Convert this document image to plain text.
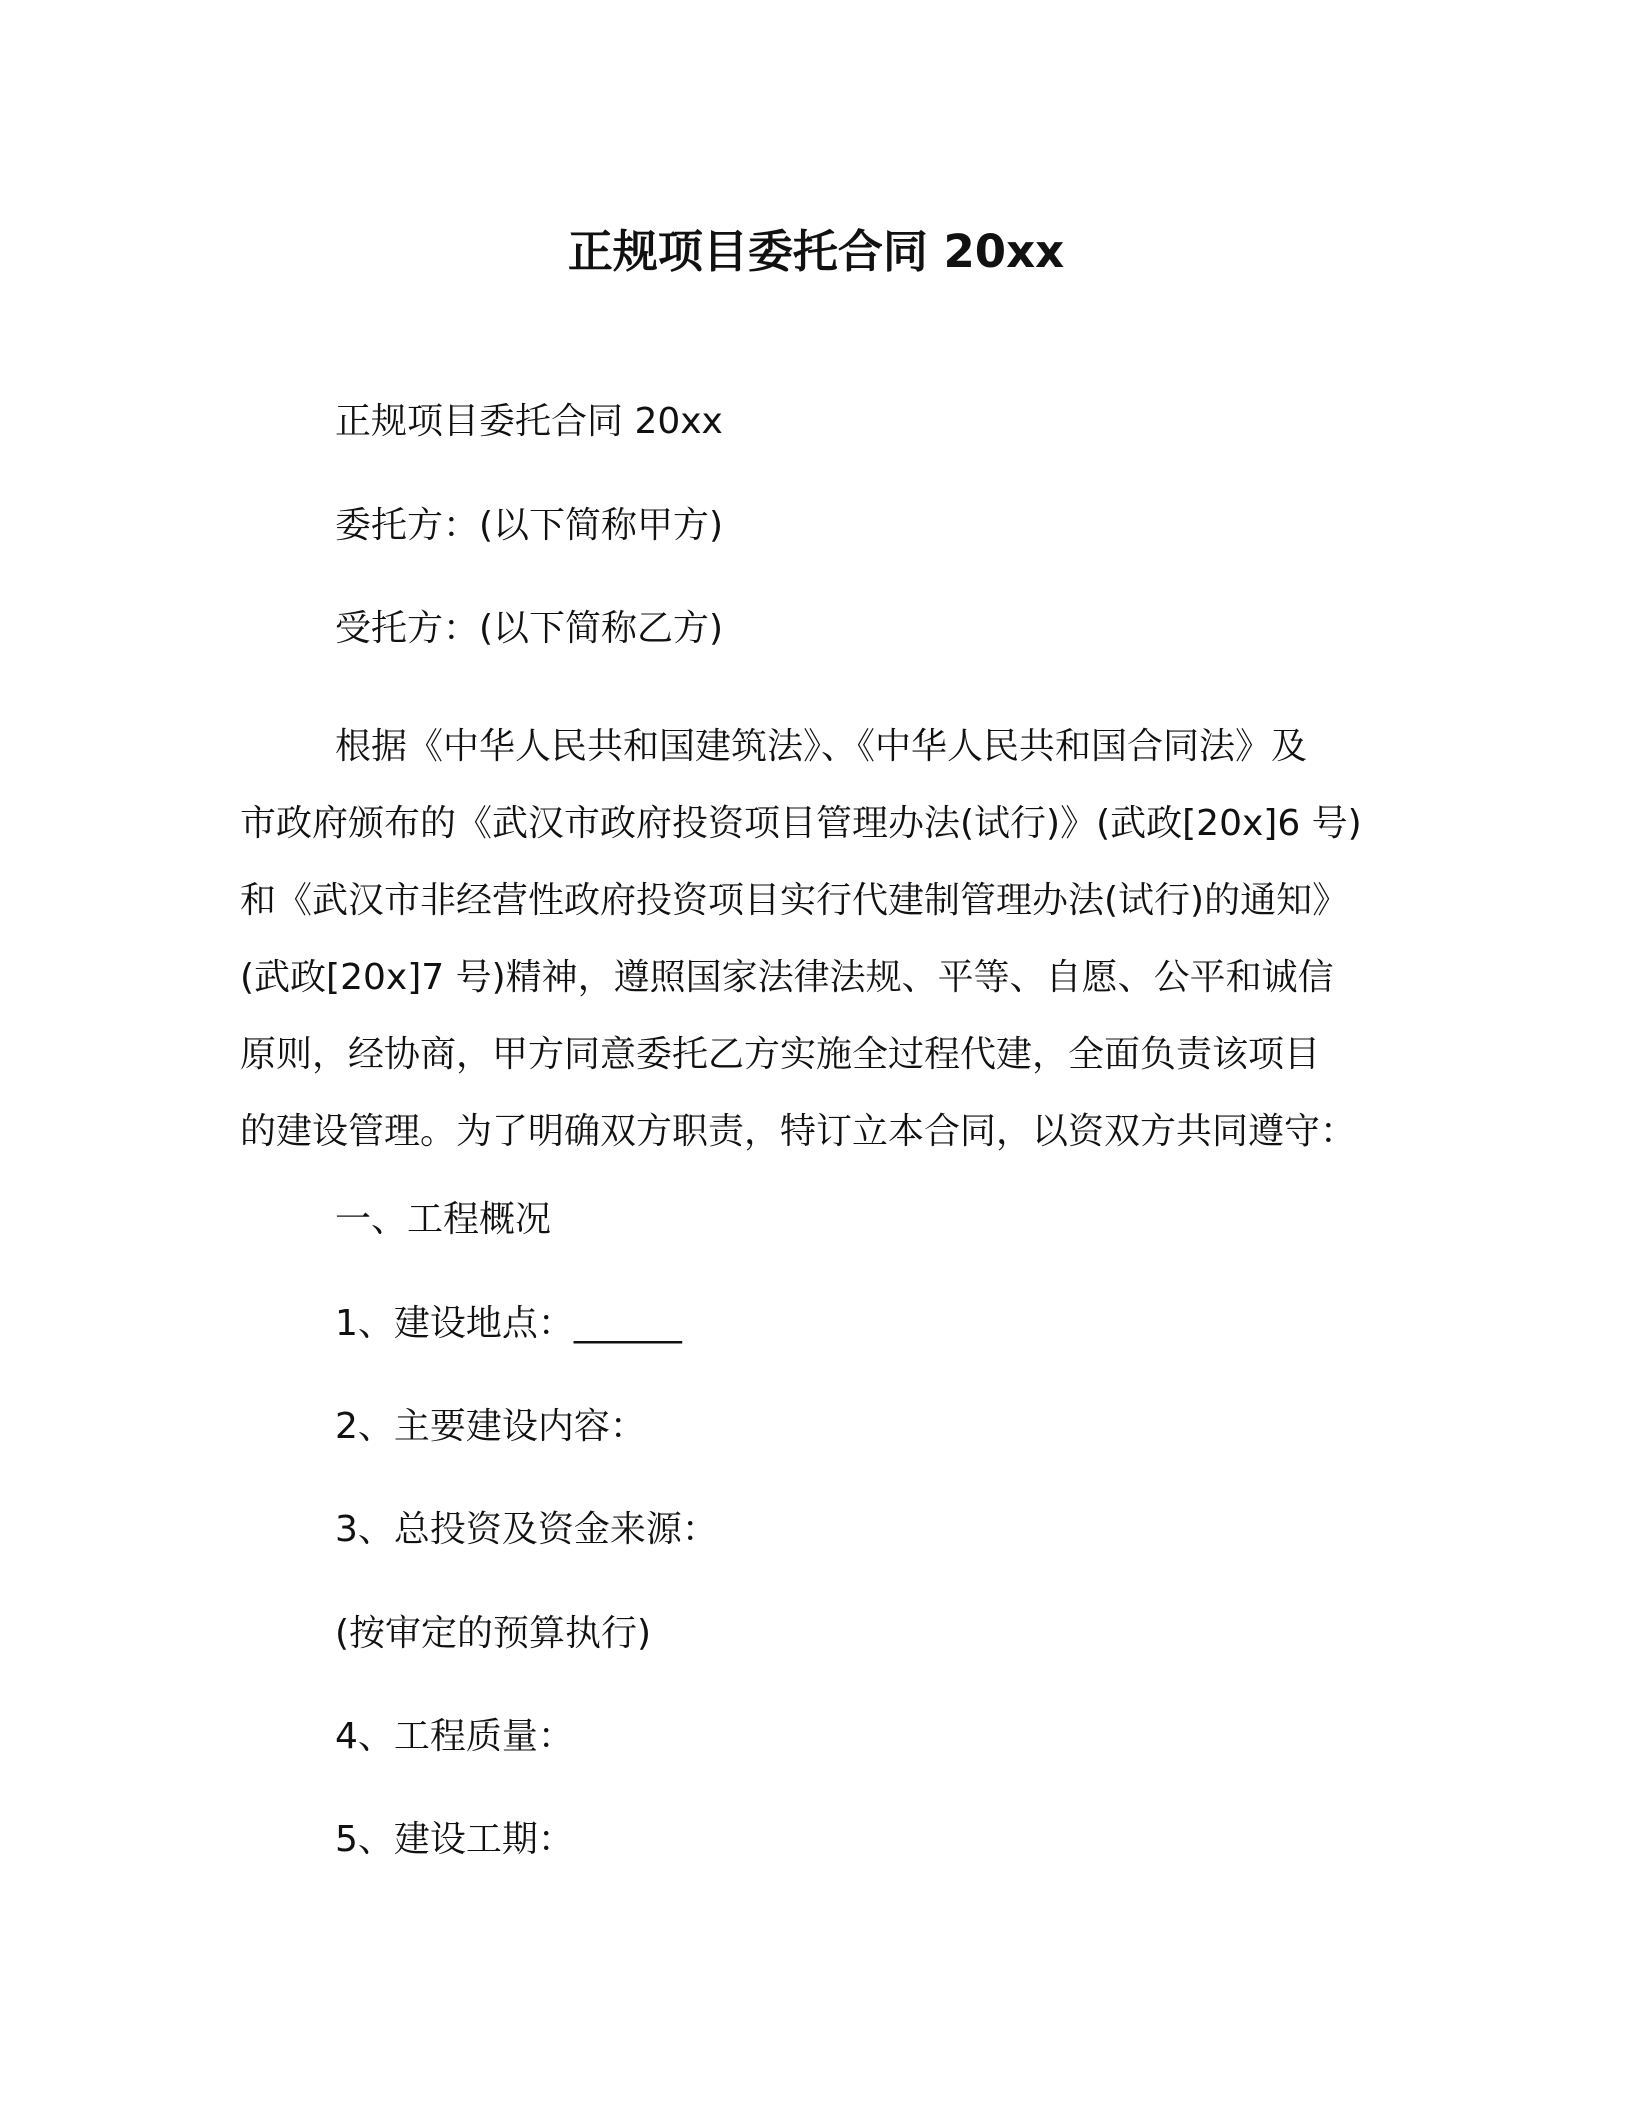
正规项目委托合同 20xx
正规项目委托合同 20xx
委托方：(以下简称甲方)
受托方：(以下简称乙方)
根据《中华人民共和国建筑法》、《中华人民共和国合同法》及
市政府颁布的《武汉市政府投资项目管理办法(试行)》(武政[20x]6 号)
和《武汉市非经营性政府投资项目实行代建制管理办法(试行)的通知》
(武政[20x]7 号)精神，遵照国家法律法规、平等、自愿、公平和诚信
原则，经协商，甲方同意委托乙方实施全过程代建，全面负责该项目
的建设管理。为了明确双方职责，特订立本合同，以资双方共同遵守：
一、工程概况
1、建设地点：______
2、主要建设内容：
3、总投资及资金来源：
(按审定的预算执行)
4、工程质量：
5、建设工期：
